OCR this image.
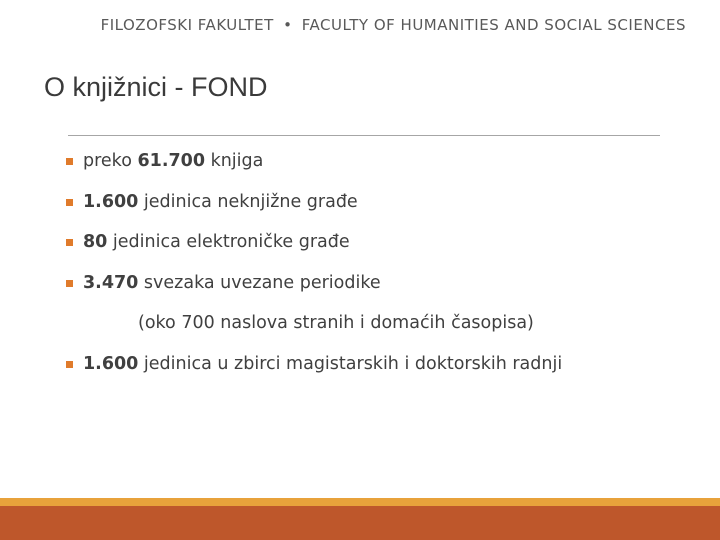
FILOZOFSKI FAKULTET • FACULTY OF HUMANITIES AND SOCIAL SCIENCES
O knjižnici - FOND
preko 61.700 knjiga
1.600 jedinica neknjižne građe
80 jedinica elektroničke građe
3.470 svezaka uvezane periodike
(oko 700 naslova stranih i domaćih časopisa)
1.600 jedinica u zbirci magistarskih i doktorskih radnji
